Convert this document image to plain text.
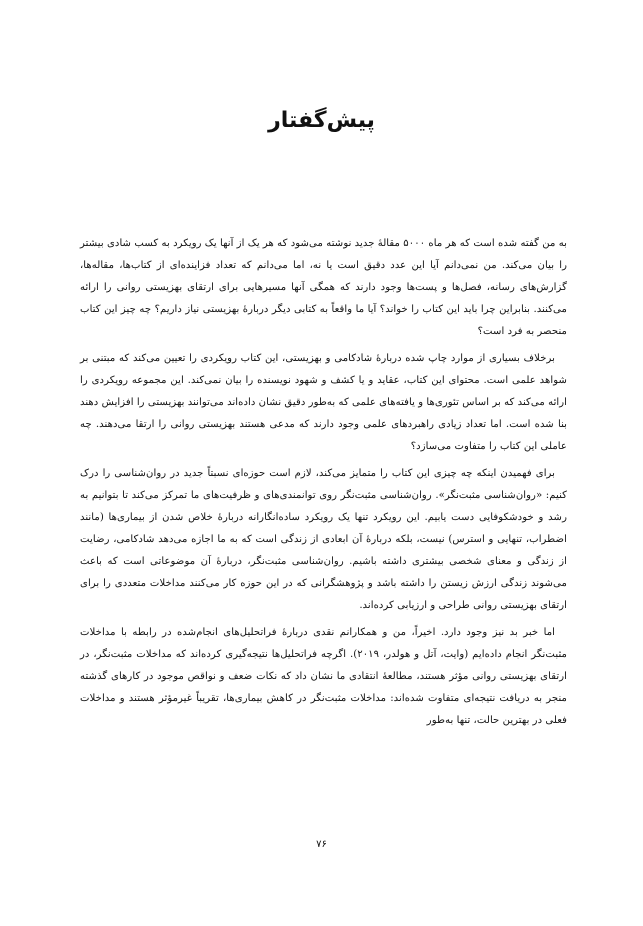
پیش‌گفتار

به من گفته شده است که هر ماه ۵۰۰۰ مقالهٔ جدید نوشته می‌شود که هر یک از آنها یک رویکرد به کسب شادی بیشتر را بیان می‌کند. من نمی‌دانم آیا این عدد دقیق است یا نه، اما می‌دانم که تعداد فزاینده‌ای از کتاب‌ها، مقاله‌ها، گزارش‌های رسانه، فصل‌ها و پست‌ها وجود دارند که همگی آنها مسیرهایی برای ارتقای بهزیستی روانی را ارائه می‌کنند. بنابراین چرا باید این کتاب را خواند؟ آیا ما واقعاً به کتابی دیگر دربارهٔ بهزیستی نیاز داریم؟ چه چیز این کتاب منحصر به فرد است؟

برخلاف بسیاری از موارد چاپ شده دربارهٔ شادکامی و بهزیستی، این کتاب رویکردی را تعیین می‌کند که مبتنی بر شواهد علمی است. محتوای این کتاب، عقاید و یا کشف و شهود نویسنده را بیان نمی‌کند. این مجموعه رویکردی را ارائه می‌کند که بر اساس تئوری‌ها و یافته‌های علمی که به‌طور دقیق نشان داده‌اند می‌توانند بهزیستی را افزایش دهند بنا شده است. اما تعداد زیادی راهبردهای علمی وجود دارند که مدعی هستند بهزیستی روانی را ارتقا می‌دهند. چه عاملی این کتاب را متفاوت می‌سازد؟

برای فهمیدن اینکه چه چیزی این کتاب را متمایز می‌کند، لازم است حوزه‌ای نسبتاً جدید در روان‌شناسی را درک کنیم: «روان‌شناسی مثبت‌نگر». روان‌شناسی مثبت‌نگر روی توانمندی‌های و ظرفیت‌های ما تمرکز می‌کند تا بتوانیم به رشد و خودشکوفایی دست یابیم. این رویکرد تنها یک رویکرد ساده‌انگارانه دربارهٔ خلاص شدن از بیماری‌ها (مانند اضطراب، تنهایی و استرس) نیست، بلکه دربارهٔ آن ابعادی از زندگی است که به ما اجازه می‌دهد شادکامی، رضایت از زندگی و معنای شخصی بیشتری داشته باشیم. روان‌شناسی مثبت‌نگر، دربارهٔ آن موضوعاتی است که باعث می‌شوند زندگی ارزش زیستن را داشته باشد و پژوهشگرانی که در این حوزه کار می‌کنند مداخلات متعددی را برای ارتقای بهزیستی روانی طراحی و ارزیابی کرده‌اند.

اما خبر بد نیز وجود دارد. اخیراً، من و همکارانم نقدی دربارهٔ فراتحلیل‌های انجام‌شده در رابطه با مداخلات مثبت‌نگر انجام داده‌ایم (وایت، آتل و هولدر، ۲۰۱۹). اگرچه فراتحلیل‌ها نتیجه‌گیری کرده‌اند که مداخلات مثبت‌نگر، در ارتقای بهزیستی روانی مؤثر هستند، مطالعهٔ انتقادی ما نشان داد که نکات ضعف و نواقص موجود در کارهای گذشته منجر به دریافت نتیجه‌ای متفاوت شده‌اند: مداخلات مثبت‌نگر در کاهش بیماری‌ها، تقریباً غیرمؤثر هستند و مداخلات فعلی در بهترین حالت، تنها به‌طور

۷۶
